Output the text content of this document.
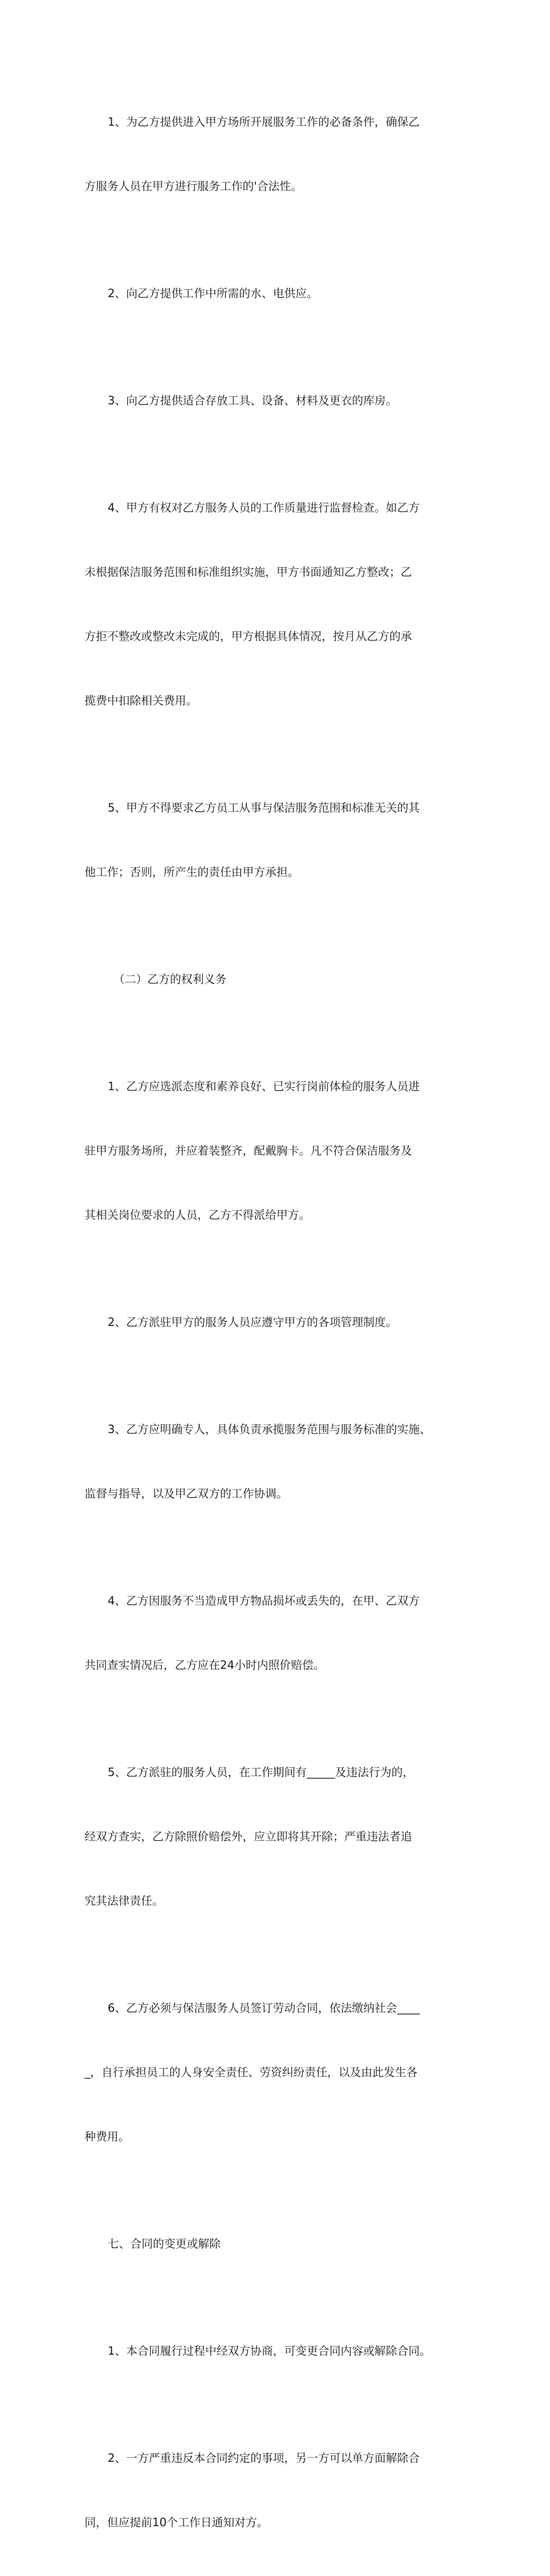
1、为乙方提供进入甲方场所开展服务工作的必备条件，确保乙

方服务人员在甲方进行服务工作的'合法性。

2、向乙方提供工作中所需的水、电供应。

3、向乙方提供适合存放工具、设备、材料及更衣的库房。

4、甲方有权对乙方服务人员的工作质量进行监督检查。如乙方

未根据保洁服务范围和标准组织实施，甲方书面通知乙方整改；乙

方拒不整改或整改未完成的，甲方根据具体情况，按月从乙方的承

揽费中扣除相关费用。

5、甲方不得要求乙方员工从事与保洁服务范围和标准无关的其

他工作；否则，所产生的责任由甲方承担。

（二）乙方的权利义务

1、乙方应选派态度和素养良好、已实行岗前体检的服务人员进

驻甲方服务场所，并应着装整齐，配戴胸卡。凡不符合保洁服务及

其相关岗位要求的人员，乙方不得派给甲方。

2、乙方派驻甲方的服务人员应遵守甲方的各项管理制度。

3、乙方应明确专人，具体负责承揽服务范围与服务标准的实施、

监督与指导，以及甲乙双方的工作协调。

4、乙方因服务不当造成甲方物品损坏或丢失的，在甲、乙双方

共同查实情况后，乙方应在24小时内照价赔偿。

5、乙方派驻的服务人员，在工作期间有_____及违法行为的，

经双方查实，乙方除照价赔偿外，应立即将其开除；严重违法者追

究其法律责任。

6、乙方必须与保洁服务人员签订劳动合同，依法缴纳社会____

_，自行承担员工的人身安全责任、劳资纠纷责任，以及由此发生各

种费用。

七、合同的变更或解除

1、本合同履行过程中经双方协商，可变更合同内容或解除合同。

2、一方严重违反本合同约定的事项，另一方可以单方面解除合

同，但应提前10个工作日通知对方。
